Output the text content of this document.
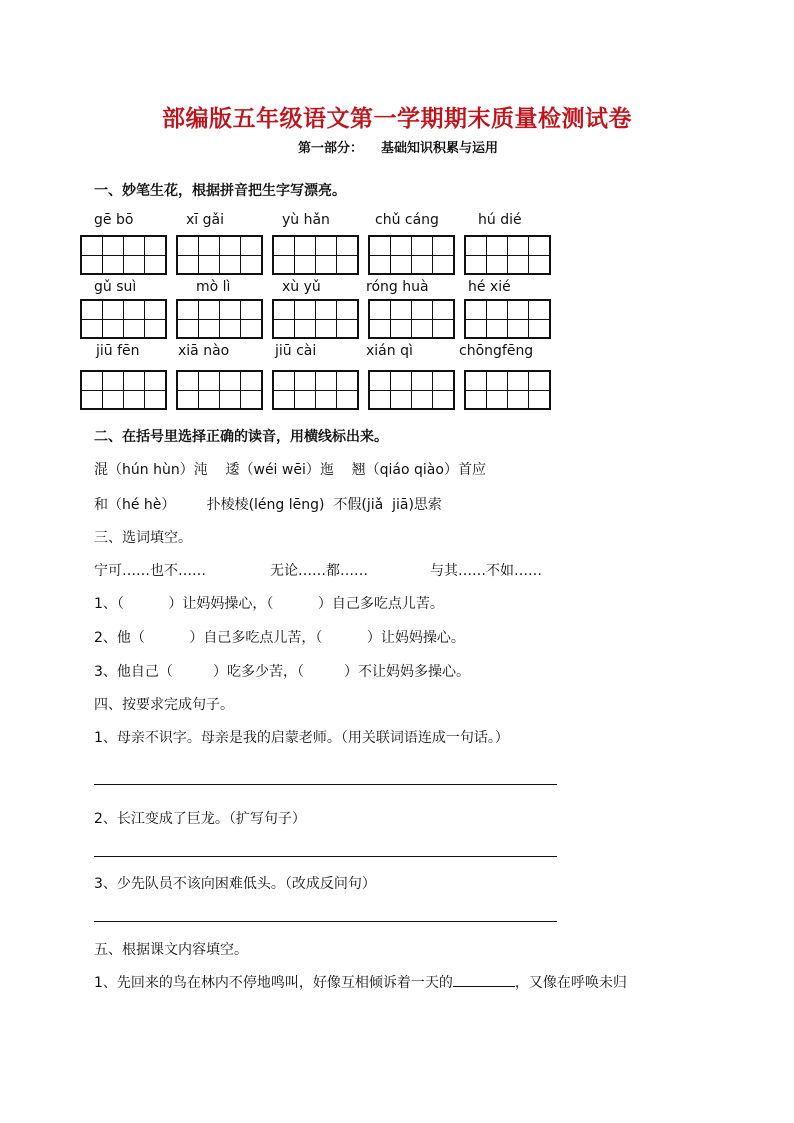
部编版五年级语文第一学期期末质量检测试卷
第一部分： 基础知识积累与运用
一、妙笔生花，根据拼音把生字写漂亮。
gē bō	xī gǎi	yù hǎn	chǔ cáng	hú dié
gǔ suì	mò lì	xù yǔ	róng huà	hé xié
jiū fēn	xiā nào	jiū cài	xián qì	chōngfēng
二、在括号里选择正确的读音，用横线标出来。
混（hún hùn）沌    逶（wéi wēi）迤    翘（qiáo qiào）首应
和（hé hè）       扑棱棱(léng lēng)  不假(jiǎ  jiā)思索
三、选词填空。
宁可……也不……	无论……都……	与其……不如……
1、（          ）让妈妈操心，（          ）自己多吃点儿苦。
2、他（          ）自己多吃点儿苦，（          ）让妈妈操心。
3、他自己（         ）吃多少苦，（         ）不让妈妈多操心。
四、按要求完成句子。
1、母亲不识字。母亲是我的启蒙老师。（用关联词语连成一句话。）
2、长江变成了巨龙。（扩写句子）
3、少先队员不该向困难低头。（改成反问句）
五、根据课文内容填空。
1、先回来的鸟在林内不停地鸣叫，好像互相倾诉着一天的	，又像在呼唤未归
